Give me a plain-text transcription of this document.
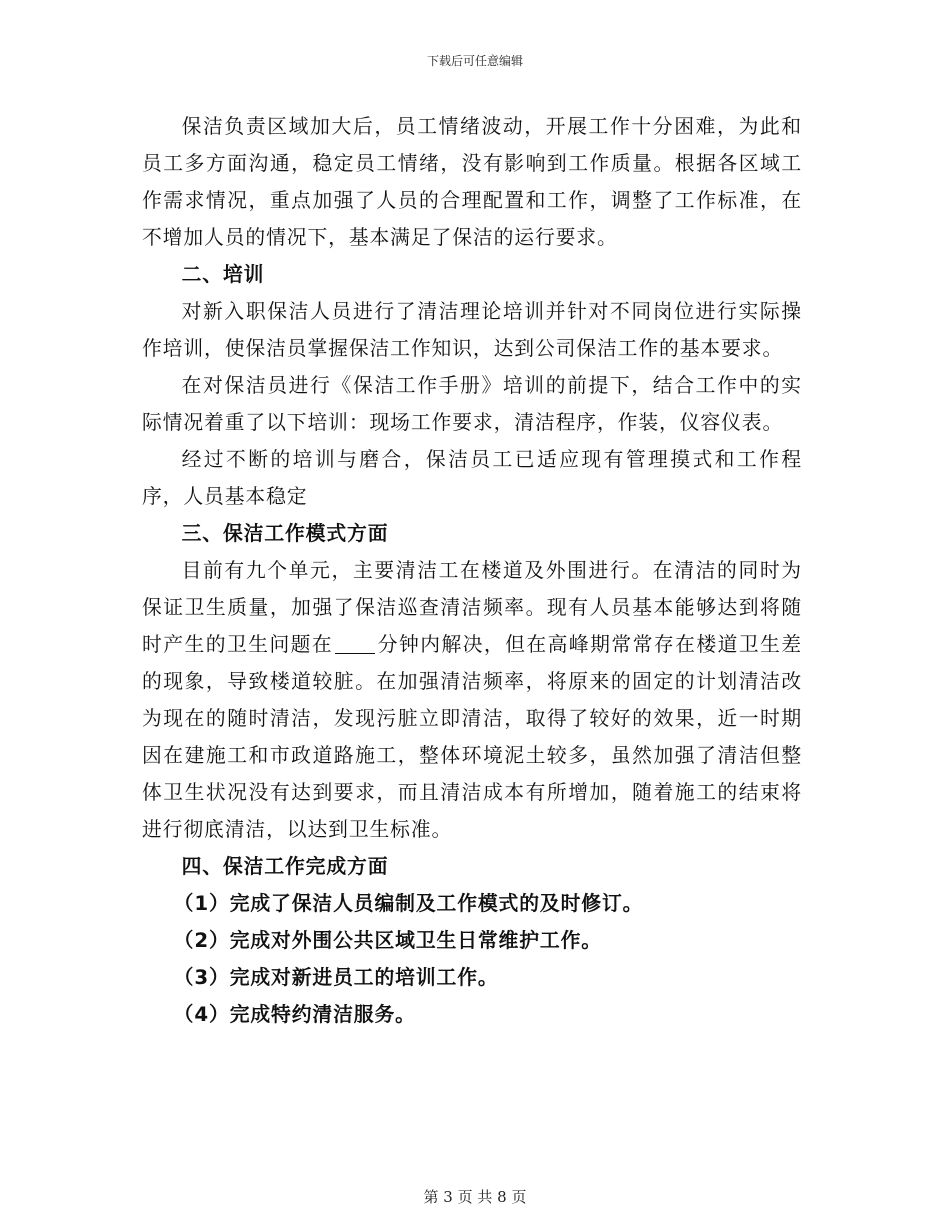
下载后可任意编辑

保洁负责区域加大后，员工情绪波动，开展工作十分困难，为此和员工多方面沟通，稳定员工情绪，没有影响到工作质量。根据各区域工作需求情况，重点加强了人员的合理配置和工作，调整了工作标准，在不增加人员的情况下，基本满足了保洁的运行要求。

二、培训

对新入职保洁人员进行了清洁理论培训并针对不同岗位进行实际操作培训，使保洁员掌握保洁工作知识，达到公司保洁工作的基本要求。

在对保洁员进行《保洁工作手册》培训的前提下，结合工作中的实际情况着重了以下培训：现场工作要求，清洁程序，作装，仪容仪表。

经过不断的培训与磨合，保洁员工已适应现有管理摸式和工作程序，人员基本稳定

三、保洁工作模式方面

目前有九个单元，主要清洁工在楼道及外围进行。在清洁的同时为保证卫生质量，加强了保洁巡查清洁频率。现有人员基本能够达到将随时产生的卫生问题在 分钟内解决，但在高峰期常常存在楼道卫生差的现象，导致楼道较脏。在加强清洁频率，将原来的固定的计划清洁改为现在的随时清洁，发现污脏立即清洁，取得了较好的效果，近一时期因在建施工和市政道路施工，整体环境泥土较多，虽然加强了清洁但整体卫生状况没有达到要求，而且清洁成本有所增加，随着施工的结束将进行彻底清洁，以达到卫生标准。

四、保洁工作完成方面

（1）完成了保洁人员编制及工作模式的及时修订。

（2）完成对外围公共区域卫生日常维护工作。

（3）完成对新进员工的培训工作。

（4）完成特约清洁服务。

第 3 页 共 8 页
